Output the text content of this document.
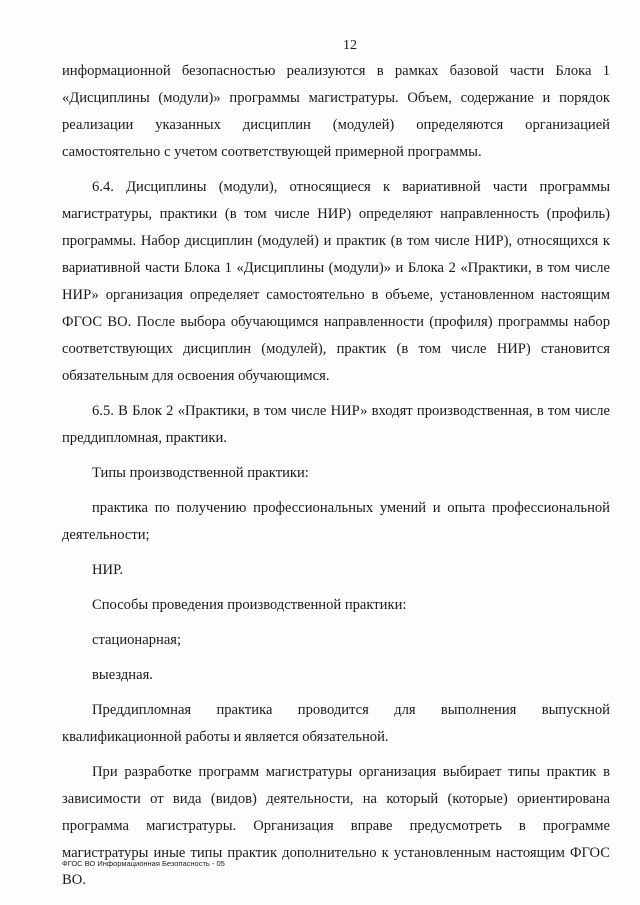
12

информационной безопасностью реализуются в рамках базовой части Блока 1 «Дисциплины (модули)» программы магистратуры. Объем, содержание и порядок реализации указанных дисциплин (модулей) определяются организацией самостоятельно с учетом соответствующей примерной программы.

6.4. Дисциплины (модули), относящиеся к вариативной части программы магистратуры, практики (в том числе НИР) определяют направленность (профиль) программы. Набор дисциплин (модулей) и практик (в том числе НИР), относящихся к вариативной части Блока 1 «Дисциплины (модули)» и Блока 2 «Практики, в том числе НИР» организация определяет самостоятельно в объеме, установленном настоящим ФГОС ВО. После выбора обучающимся направленности (профиля) программы набор соответствующих дисциплин (модулей), практик (в том числе НИР) становится обязательным для освоения обучающимся.

6.5. В Блок 2 «Практики, в том числе НИР» входят производственная, в том числе преддипломная, практики.

Типы производственной практики:

практика по получению профессиональных умений и опыта профессиональной деятельности;

НИР.

Способы проведения производственной практики:

стационарная;

выездная.

Преддипломная практика проводится для выполнения выпускной квалификационной работы и является обязательной.

При разработке программ магистратуры организация выбирает типы практик в зависимости от вида (видов) деятельности, на который (которые) ориентирована программа магистратуры. Организация вправе предусмотреть в программе магистратуры иные типы практик дополнительно к установленным настоящим ФГОС ВО.

ФГОС ВО Информационная Безопасность - 05
